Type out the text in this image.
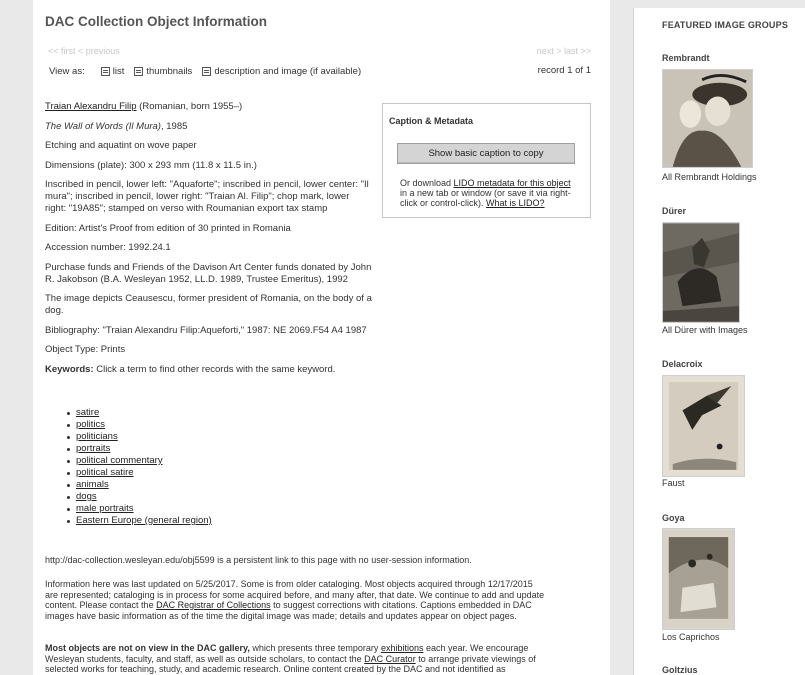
DAC Collection Object Information
<< first < previous	next > last >>
View as:	list thumbnails description and image (if available)	record 1 of 1

Traian Alexandru Filip (Romanian, born 1955–)

The Wall of Words (Il Mura), 1985

Etching and aquatint on wove paper

Dimensions (plate): 300 x 293 mm (11.8 x 11.5 in.)

Inscribed in pencil, lower left: "Aquaforte"; inscribed in pencil, lower center: "Il mura"; inscribed in pencil, lower right: "Traian Al. Filip"; chop mark, lower right: "19A85"; stamped on verso with Roumanian export tax stamp

Edition: Artist's Proof from edition of 30 printed in Romania

Accession number: 1992.24.1

Purchase funds and Friends of the Davison Art Center funds donated by John R. Jakobson (B.A. Wesleyan 1952, LL.D. 1989, Trustee Emeritus), 1992

The image depicts Ceausescu, former president of Romania, on the body of a dog.

Bibliography: "Traian Alexandru Filip:Aqueforti," 1987: NE 2069.F54 A4 1987

Object Type: Prints

Keywords: Click a term to find other records with the same keyword.

satire
politics
politicians
portraits
political commentary
political satire
animals
dogs
male portraits
Eastern Europe (general region)
Caption & Metadata
Show basic caption to copy
Or download LIDO metadata for this object in a new tab or window (or save it via right-click or control-click). What is LIDO?
http://dac-collection.wesleyan.edu/obj5599 is a persistent link to this page with no user-session information.
Information here was last updated on 5/25/2017. Some is from older cataloging. Most objects acquired through 12/17/2015 are represented; cataloging is in process for some acquired before, and many after, that date. We continue to add and update content. Please contact the DAC Registrar of Collections to suggest corrections with citations. Captions embedded in DAC images have basic information as of the time the digital image was made; details and updates appear on object pages.
Most objects are not on view in the DAC gallery, which presents three temporary exhibitions each year. We encourage Wesleyan students, faculty, and staff, as well as outside scholars, to contact the DAC Curator to arrange private viewings of selected works for teaching, study, and academic research. Online content created by the DAC and not identified as
FEATURED IMAGE GROUPS
Rembrandt
All Rembrandt Holdings
Dürer
All Dürer with Images
Delacroix
Faust
Goya
Los Caprichos
Goltzius
